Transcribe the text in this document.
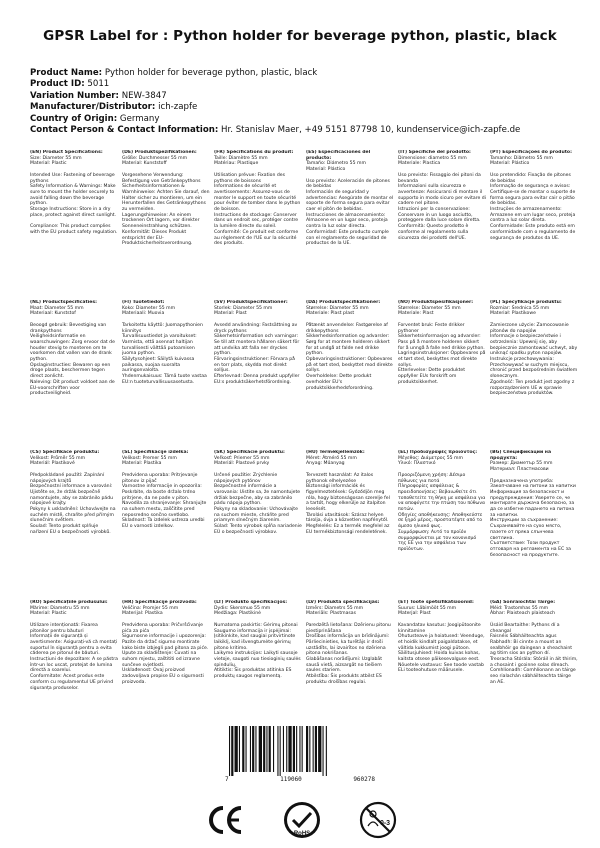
GPSR Label for : Python holder for beverage python, plastic, black
Product Name: Python holder for beverage python, plastic, black
Product ID: 5011
Variation Number: NEW-3847
Manufacturer/Distributor: ich-zapfe
Country of Origin: Germany
Contact Person & Contact Information: Hr. Stanislav Maer, +49 5151 87798 10, kundenservice@ich-zapfe.de
(EN) Product Specifications:

Size: Diameter 55 mm
Material: Plastic

Intended Use: Fastening of beverage pythons
Safety Information & Warnings: Make sure to mount the holder securely to avoid falling down the beverage python.
Storage Instructions: Store in a dry place, protect against direct sunlight.

Compliance: This product complies with the EU product safety regulation.

(DE) Produktspezifikationen:

Größe: Durchmesser 55 mm
Material: Kunststoff

Vorgesehene Verwendung: Befestigung von Getränkepythons
Sicherheitsinformationen & Warnhinweise: Achten Sie darauf, den Halter sicher zu montieren, um ein Herunterfallen des Getränkepythons zu vermeiden.
Lagerungshinweise: An einem trockenen Ort lagern, vor direkter Sonneneinstrahlung schützen.
Konformität: Dieses Produkt entspricht der EU-Produktsicherheitsverordnung.

(FR) Spécifications du produit:

Taille: Diamètre 55 mm
Matériau: Plastique

Utilisation prévue: Fixation des pythons de boissons
Informations de sécurité et avertissements: Assurez-vous de monter le support en toute sécurité pour éviter de tomber dans le python de boisson.
Instructions de stockage: Conserver dans un endroit sec, protéger contre la lumière directe du soleil.
Conformité: Ce produit est conforme au règlement de l'UE sur la sécurité des produits.

(ES) Especificaciones del producto:

Tamaño: Diámetro 55 mm
Material: Plástico

Uso previsto: Aceleración de pitones de bebidas
Información de seguridad y advertencias: Asegúrate de montar el soporte de forma segura para evitar caer el pitón de bebidas.
Instrucciones de almacenamiento: Almacene en un lugar seco, proteja contra la luz solar directa.
Conformidad: Este producto cumple con el reglamento de seguridad de productos de la UE.

(IT) Specifiche del prodotto:

Dimensione: diametro 55 mm
Materiale: Plastica

Uso previsto: Fissaggio dei pitoni da bevanda
Informazioni sulla sicurezza e avvertenze: Assicurarsi di montare il supporto in modo sicuro per evitare di cadere nel pitone.
Istruzioni per la conservazione: Conservare in un luogo asciutto, proteggere dalla luce solare diretta.
Conformità: Questo prodotto è conforme al regolamento sulla sicurezza dei prodotti dell'UE.

(PT) Especificações do produto:

Tamanho: Diâmetro 55 mm
Material: Plástico

Uso pretendido: Fixação de pítones de bebidas
Informação de segurança e avisos: Certifique-se de montar o suporte de forma segura para evitar cair o pitão de bebidas.
Instruções de armazenamento: Armazene em um lugar seco, proteja contra a luz solar direta.
Conformidade: Este produto está em conformidade com o regulamento de segurança de produtos da UE.

(NL) Productspecificaties:

Maat: Diameter 55 mm
Materiaal: Kunststof

Beoogd gebruik: Bevestiging van drankpythons
Veiligheidsinformatie en waarschuwingen: Zorg ervoor dat de houder stevig te monteren om te voorkomen dat vallen van de drank python.
Opslaginstructies: Bewaren op een droge plaats, beschermen tegen direct zonlicht.
Naleving: Dit product voldoet aan de EU-voorschriften voor productveiligheid.

(FI) Tuotetiedot:

Koko: Diameter 55 mm
Materiaali: Muovia

Tarkoitettu käyttö: Juomapythonien kiinnitys
Turvallisuustiedot ja varoitukset: Varmista, että asennat haltijan turvallisesti välttää putoamisen juoma python.
Säilytysohjeet: Säilytä kuivassa paikassa, suojaa suoralta auringonvalolta.
Yhdenmukaisuus: Tämä tuote vastaa EU:n tuoteturvallisuusasetusta.

(SV) Produktspecifikationer:

Storlek: Diameter 55 mm
Material: Plast

Avsedd användning: Fastsättning av dryck pythons
Säkerhetsinformation och varningar: Se till att montera hållaren säkert för att undvika att falla ner dryckes python.
Förvaringsinstruktioner: Förvara på en torr plats, skydda mot direkt solljus.
Efterlevnad: Denna produkt uppfyller EU:s produktsäkerhetsförordning.

(DA) Produktspecifikationer:

Størrelse: Diameter 55 mm
Materiale: Plast plast

Påtænkt anvendelse: Fastgørelse af drikkepythons
Sikkerhedsinformation og advarsler: Sørg for at montere holderen sikkert for at undgå at falde ned drikke python.
Opbevaringsinstruktioner: Opbevares på et tørt sted, beskyttet mod direkte sollys.
Overholdelse: Dette produkt overholder EU's produktsikkerhedsforordning.

(NO) Produktspesifikasjoner:

Størrelse: Diameter 55 mm
Materiale: Plast

Forventet bruk: Feste drikker pythoner
Sikkerhetsinformasjon og advarsler: Pass på å montere holderen sikkert for å unngå å falle ned drikke python.
Lagringsinstruksjoner: Oppbevares på et tørt sted, beskyttes mot direkte sollys.
Etterlevelse: Dette produktet oppfyller EUs forskrift om produktsikkerhet.

(PL) Specyfikacje produktu:

Rozmiar: Średnica 55 mm
Materiał: Plastikowe

Zamierzone użycie: Zamocowanie pitonów do napojów
Informacje o bezpieczeństwie i ostrzeżenia: Upewnij się, aby bezpiecznie zamontować uchwyt, aby uniknąć spadku pyton napojów.
Instrukcje przechowywania: Przechowywać w suchym miejscu, chronić przed bezpośrednim światłem słonecznym.
Zgodność: Ten produkt jest zgodny z rozporządzeniem UE w sprawie bezpieczeństwa produktów.

(CS) Specifikace produktu:

Velikost: Průměr 55 mm
Materiál: Plastikové

Předpokládané použití: Zapínání nápojových krajtů
Bezpečnostní informace a varování: Ujistěte se, že držák bezpečně namontujete, aby se zabránilo pádu nápojové krajty.
Pokyny k uskladnění: Uchovávejte na suchém místě, chraňte před přímým slunečním světlem.
Soulad: Tento produkt splňuje nařízení EU o bezpečnosti výrobků.

(SL) Specifikacije izdelka:

Velikost: Premer 55 mm
Material: Plastika

Predvidena uporaba: Pritrjevanje pitonov iz pijač
Varnostne informacije in opozorila: Poskrbite, da boste držalo trdno pritrjene, da ne pade v piton.
Navodila za shranjevanje: Shranjujte na suhem mestu, zaščitite pred neposredno sončno svetlobo.
Skladnost: Ta izdelek ustreza uredbi EU o varnosti izdelkov.

(SK) Špecifikácie produktu:

Veľkosť: Priemer 55 mm
Materiál: Plastové prvky

Určené použitie: Zrýchlenie nápojových pytónov
Bezpečnostné informácie a varovania: Uistite sa, že namontujete držiak bezpečne, aby sa zabránilo pádu nápoja python.
Pokyny na skladovanie: Uchovávajte na suchom mieste, chráňte pred priamym slnečným žiarením.
Súlad: Tento výrobok spĺňa nariadenie EÚ o bezpečnosti výrobkov.

(HU) Termékjellemzők:

Méret: Átmérő 55 mm
Anyag: Műanyag

Tervezett használat: Az italos pythonok elhelyezése
Biztonsági információk és figyelmeztetések: Győződjön meg róla, hogy biztonságosan szerelje fel a tartót, hogy elkerülje az italpiton leesését.
Tárolási utasítások: Száraz helyen tárolja, óvja a közvetlen napfénytől.
Megfelelés: Ez a termék megfelel az EU termékbiztonsági rendeletének.

(EL) Προδιαγραφές προϊόντος:

Μέγεθος: Διάμετρος 55 mm
Υλικό: Πλαστικό

Προοριζόμενη χρήση: Δέσιμο πύθωνες για ποτά
Πληροφορίες ασφάλειας & προειδοποιήσεις: Βεβαιωθείτε ότι τοποθετείτε τη θήκη με ασφάλεια για να αποφύγετε την πτώση του πύθωνα ποτών.
Οδηγίες αποθήκευσης: Αποθηκεύστε σε ξηρό μέρος, προστατέψτε από το άμεσο ηλιακό φως.
Συμμόρφωση: Αυτό το προϊόν συμμορφώνεται με τον κανονισμό της ΕΕ για την ασφάλεια των προϊόντων.

(BG) Спецификации на продукта:

Размер: Диаметър 55 mm
Материал: Пластмасови

Предназначена употреба: Закопчаване на питони за напитки
Информация за безопасност и предупреждения: Уверете се, че монтирате държача безопасно, за да се избегне падането на питона за напитки.
Инструкции за съхранение: Съхранявайте на сухо място, пазете от пряка слънчева светлина.
Съответствие: Този продукт отговаря на регламента на ЕС за безопасност на продуктите.

(RO) Specificațiile produsului:

Mărime: Diametru 55 mm
Material: Plastic

Utilizare intenționată: Fixarea pitonilor pentru băuturi
Informații de siguranță și avertismente: Asigurați-vă că montați suportul în siguranță pentru a evita căderea pe pitonul de băuturi.
Instrucțiuni de depozitare: A se păstra într-un loc uscat, protejat de lumina directă a soarelui.
Conformitate: Acest produs este conform cu regulamentul UE privind siguranța produselor.

(HR) Specifikacije proizvoda:

Veličina: Promjer 55 mm
Materijal: Plastika

Predviđena uporaba: Pričvršćivanje pića za pića
Sigurnosne informacije i upozorenja: Pazite da držač sigurno montirate kako biste izbjegli pad pitona za piće.
Upute za skladištenje: Čuvati na suhom mjestu, zaštititi od izravne sunčeve svjetlosti.
Usklađenost: Ovaj proizvod zadovoljava propise EU o sigurnosti proizvoda.

(LT) Produkto specifikacijos:

Dydis: Skersmuo 55 mm
Medžiaga: Plastikinė

Numatoma paskirtis: Gėrimų pitonai
Saugumo informacija ir įspėjimai: Įsitikinkite, kad saugiai pritvirtinote laikiklį, kad išvengtumėte gėrimų pitono kritimo.
Laikymo instrukcijos: Laikyti sausoje vietoje, saugoti nuo tiesioginių saulės spindulių.
Atitiktis: Šis produktas atitinka ES produktų saugos reglamentą.

(LV) Produkta specifikācijas:

Izmērs: Diametrs 55 mm
Materiāls: Plastmasas

Paredzētā lietošana: Dzērienu pitonu piestiprināšana
Drošības informācija un brīdinājumi: Pārliecinieties, ka turētājs ir droši uzstādīts, lai izvairītos no dzēriena pitona nokrišanas.
Glabāšanas norādījumi: Uzglabāt sausā vietā, aizsargāt no tiešiem saules stariem.
Atbilstība: Šis produkts atbilst ES produktu drošības regulai.

(ET) Toote spetsifikatsioonid:

Suurus: Läbimõõt 55 mm
Materjal: Plast

Kavandatav kasutus: Joogipütoonite kinnitamine
Ohutusteave ja hoiatused: Veenduge, et hoidik kindlalt paigaldatakse, et vältida kukkumist joogi pütoon.
Säilitusjuhised: Hoida kuivas kohas, kaitsta otsese päikesevalguse eest.
Nõuetele vastavus: See toode vastab ELi tooteohutuse määrusele.

(GA) Sonraíochtaí Táirge:

Méid: Trastomhas 55 mm
Ábhar: Plaisteach plaisteach

Úsáid Beartaithe: Pythons dí a cheangal
Faisnéis Sábháilteachta agus Rabhadh: Bí cinnte a mount an sealbhóir go daingean a sheachaint ag titim síos an python dí.
Treoracha Stórála: Stóráil in áit thirim, a chosaint i gcoinne solas díreach.
Comhlíonadh: Comhlíonann an táirge seo rialachán sábháilteachta táirge an AE.

7	119060	960278
CE
RoHS
0-3
